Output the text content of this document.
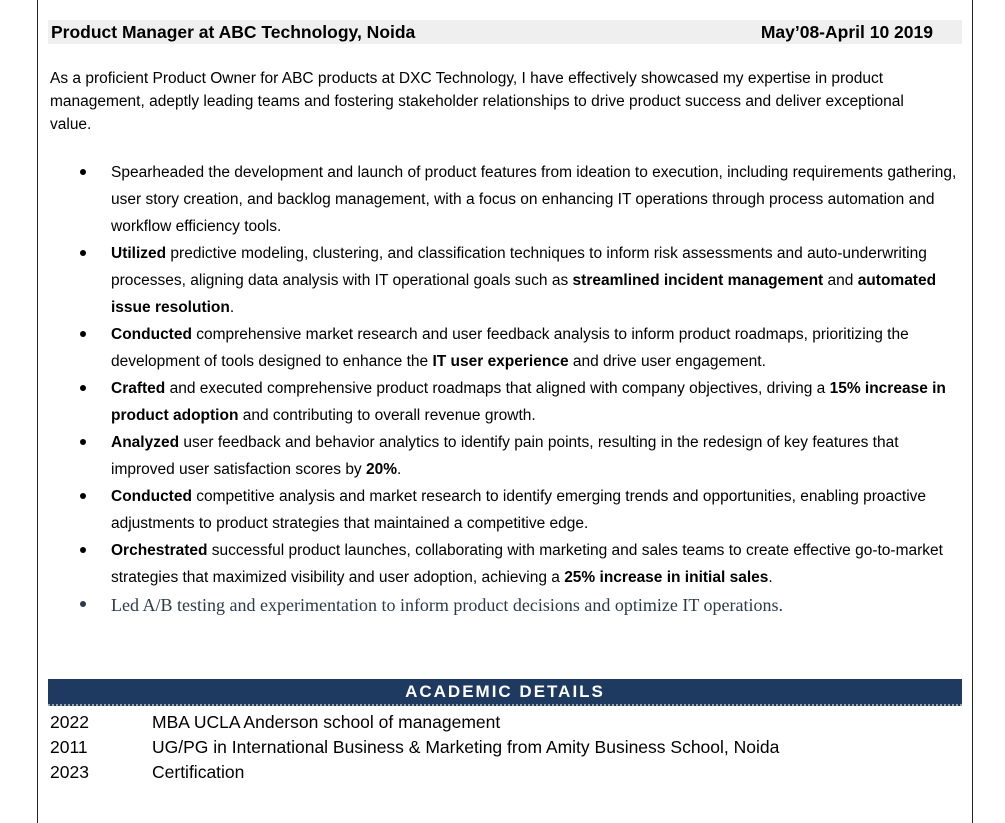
Product Manager at ABC Technology, Noida	May’08-April 10 2019

As a proficient Product Owner for ABC products at DXC Technology, I have effectively showcased my expertise in product management, adeptly leading teams and fostering stakeholder relationships to drive product success and deliver exceptional value.

Spearheaded the development and launch of product features from ideation to execution, including requirements gathering, user story creation, and backlog management, with a focus on enhancing IT operations through process automation and workflow efficiency tools.
Utilized predictive modeling, clustering, and classification techniques to inform risk assessments and auto-underwriting processes, aligning data analysis with IT operational goals such as streamlined incident management and automated issue resolution.
Conducted comprehensive market research and user feedback analysis to inform product roadmaps, prioritizing the development of tools designed to enhance the IT user experience and drive user engagement.
Crafted and executed comprehensive product roadmaps that aligned with company objectives, driving a 15% increase in product adoption and contributing to overall revenue growth.
Analyzed user feedback and behavior analytics to identify pain points, resulting in the redesign of key features that improved user satisfaction scores by 20%.
Conducted competitive analysis and market research to identify emerging trends and opportunities, enabling proactive adjustments to product strategies that maintained a competitive edge.
Orchestrated successful product launches, collaborating with marketing and sales teams to create effective go-to-market strategies that maximized visibility and user adoption, achieving a 25% increase in initial sales.
Led A/B testing and experimentation to inform product decisions and optimize IT operations.
ACADEMIC DETAILS
2022	MBA UCLA Anderson school of management
2011	UG/PG in International Business & Marketing from Amity Business School, Noida
2023	Certification
